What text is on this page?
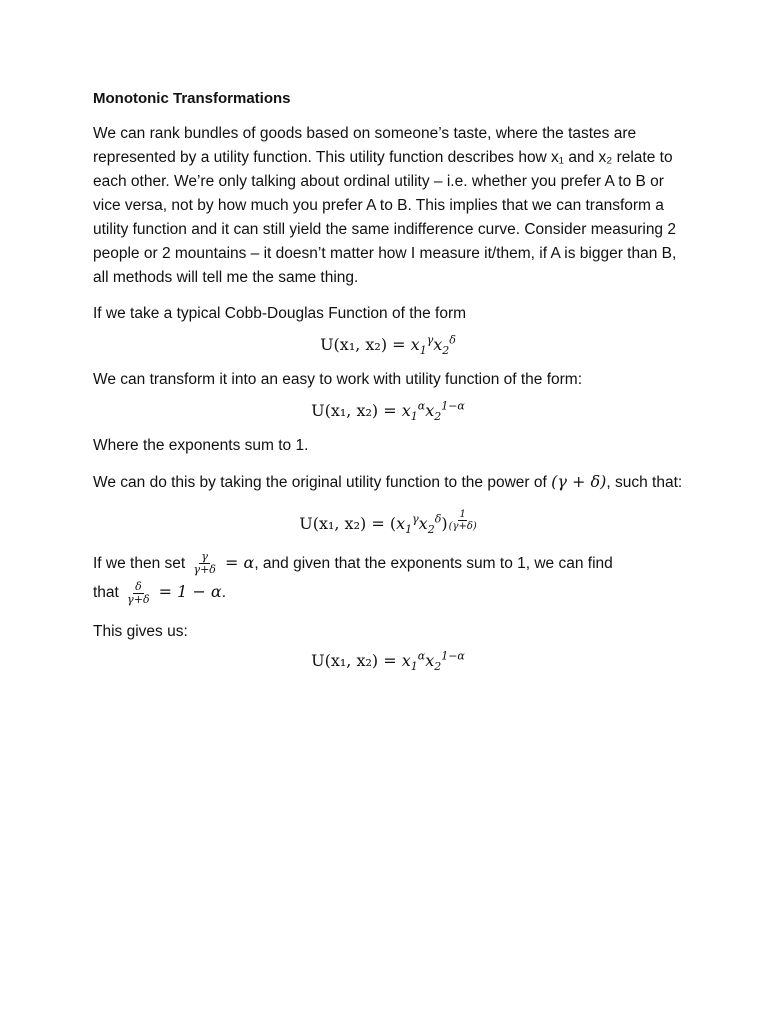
Monotonic Transformations

We can rank bundles of goods based on someone’s taste, where the tastes are represented by a utility function. This utility function describes how x₁ and x₂ relate to each other. We’re only talking about ordinal utility – i.e. whether you prefer A to B or vice versa, not by how much you prefer A to B. This implies that we can transform a utility function and it can still yield the same indifference curve. Consider measuring 2 people or 2 mountains – it doesn’t matter how I measure it/them, if A is bigger than B, all methods will tell me the same thing.

If we take a typical Cobb-Douglas Function of the form

U(x₁, $x_2) = x_1^\gamma x_2^\delta$

We can transform it into an easy to work with utility function of the form:

U(x₁, $x_2) = x_1^\alpha x_2^{1-\alpha}$

Where the exponents sum to 1.

We can do this by taking the original utility function to the power of (γ + δ), such that:

U(x₁, $x_2) = (x_1^\gamma x_2^\delta) \frac{1}{(\gamma+\delta)}$

If we then set $\frac{\gamma}{\gamma+\delta} = \alpha$, and given that the exponents sum to 1, we can find

that $\frac{\delta}{\gamma+\delta} = 1 - \alpha$.

This gives us:

U(x₁, $x_2) = x_1^\alpha x_2^{1-\alpha}$
